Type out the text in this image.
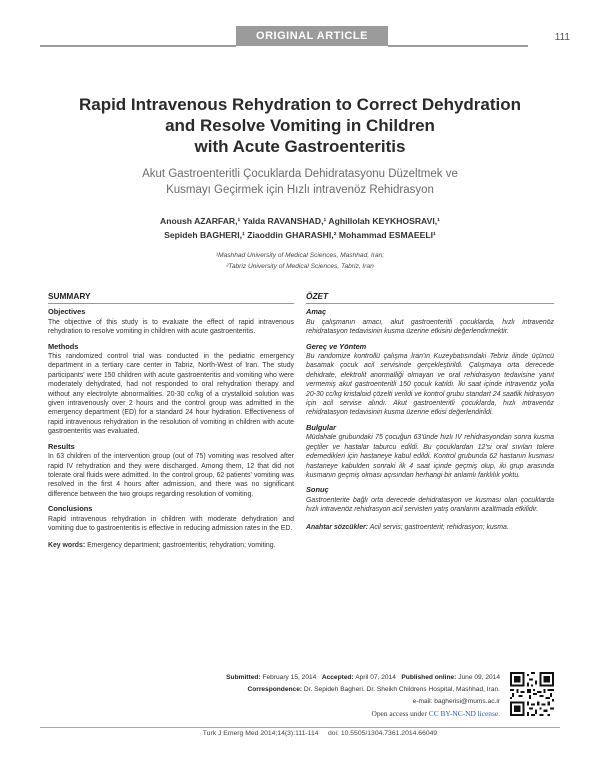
ORIGINAL ARTICLE	111
Rapid Intravenous Rehydration to Correct Dehydration
and Resolve Vomiting in Children
with Acute Gastroenteritis
Akut Gastroenteritli Çocuklarda Dehidratasyonu Düzeltmek ve
Kusmayı Geçirmek için Hızlı intravenöz Rehidrasyon
Anoush AZARFAR,¹ Yalda RAVANSHAD,¹ Aghillolah KEYKHOSRAVI,¹
Sepideh BAGHERI,¹ Ziaoddin GHARASHI,² Mohammad ESMAEELI¹
¹Mashhad University of Medical Sciences, Mashhad, Iran;
²Tabriz University of Medical Sciences, Tabriz, Iran
SUMMARY
Objectives

The objective of this study is to evaluate the effect of rapid intravenous rehydration to resolve vomiting in children with acute gastroenteritis.

Methods

This randomized control trial was conducted in the pediatric emergency department in a tertiary care center in Tabriz, North-West of Iran. The study participants' were 150 children with acute gastroenteritis and vomiting who were moderately dehydrated, had not responded to oral rehydration therapy and without any electrolyte abnormalities. 20-30 cc/kg of a crystalloid solution was given intravenously over 2 hours and the control group was admitted in the emergency department (ED) for a standard 24 hour hydration. Effectiveness of rapid intravenous rehydration in the resolution of vomiting in children with acute gastroenteritis was evaluated.

Results

In 63 children of the intervention group (out of 75) vomiting was resolved after rapid IV rehydration and they were discharged. Among them, 12 that did not tolerate oral fluids were admitted. In the control group, 62 patients' vomiting was resolved in the first 4 hours after admission, and there was no significant difference between the two groups regarding resolution of vomiting.

Conclusions

Rapid intravenous rehydration in children with moderate dehydration and vomiting due to gastroenteritis is effective in reducing admission rates in the ED.

Key words: Emergency department; gastroenteritis; rehydration; vomiting.

ÖZET
Amaç

Bu çalışmanın amacı, akut gastroenteritli çocuklarda, hızlı intravenöz rehidratasyon tedavisinin kusma üzerine etkisini değerlendirmektir.

Gereç ve Yöntem

Bu randomize kontrollü çalışma İran'ın Kuzeybatısındaki Tebriz ilinde üçüncü basamak çocuk acil servisinde gerçekleştirildi. Çalışmaya orta derecede dehidrate, elektrolit anormalliği olmayan ve oral rehidrasyon tedavisine yanıt vermemiş akut gastroenteritli 150 çocuk katıldı. İki saat içinde intravenöz yolla 20-30 cc/kg kristaloid çözelti verildi ve kontrol grubu standart 24 saatlik hidrasyon için acil servise alındı. Akut gastroenteritli çocuklarda, hızlı intravenöz rehidratasyon tedavisinin kusma üzerine etkisi değerlendirildi.

Bulgular

Müdahale grubundaki 75 çocuğun 63'ünde hızlı IV rehidrasyondan sonra kusma geçtiler ve hastalar taburcu edildi. Bu çocuklardan 12'si oral sıvıları tolere edemedikleri için hastaneye kabul edildi. Kontrol grubunda 62 hastanın kusması hastaneye kabulden sonraki ilk 4 saat içinde geçmiş olup, iki grup arasında kusmanın geçmiş olması açısından herhangi bir anlamlı farklılık yoktu.

Sonuç

Gastroenterite bağlı orta derecede dehidratasyon ve kusması olan çocuklarda hızlı intravenöz rehidrasyon acil servisten yatış oranlarını azaltmada etkilidir.

Anahtar sözcükler: Acil servis; gastroenterit; rehidrasyon; kusma.

Submitted: February 15, 2014 Accepted: April 07, 2014 Published online: June 09, 2014
Correspondence: Dr. Sepideh Bagheri. Dr. Sheikh Childrens Hospital, Mashhad, Iran.
e-mail: bagherisi@mums.ac.ir
Open access under CC BY-NC-ND license.
Turk J Emerg Med 2014;14(3):111-114 doi: 10.5505/1304.7361.2014.66049
